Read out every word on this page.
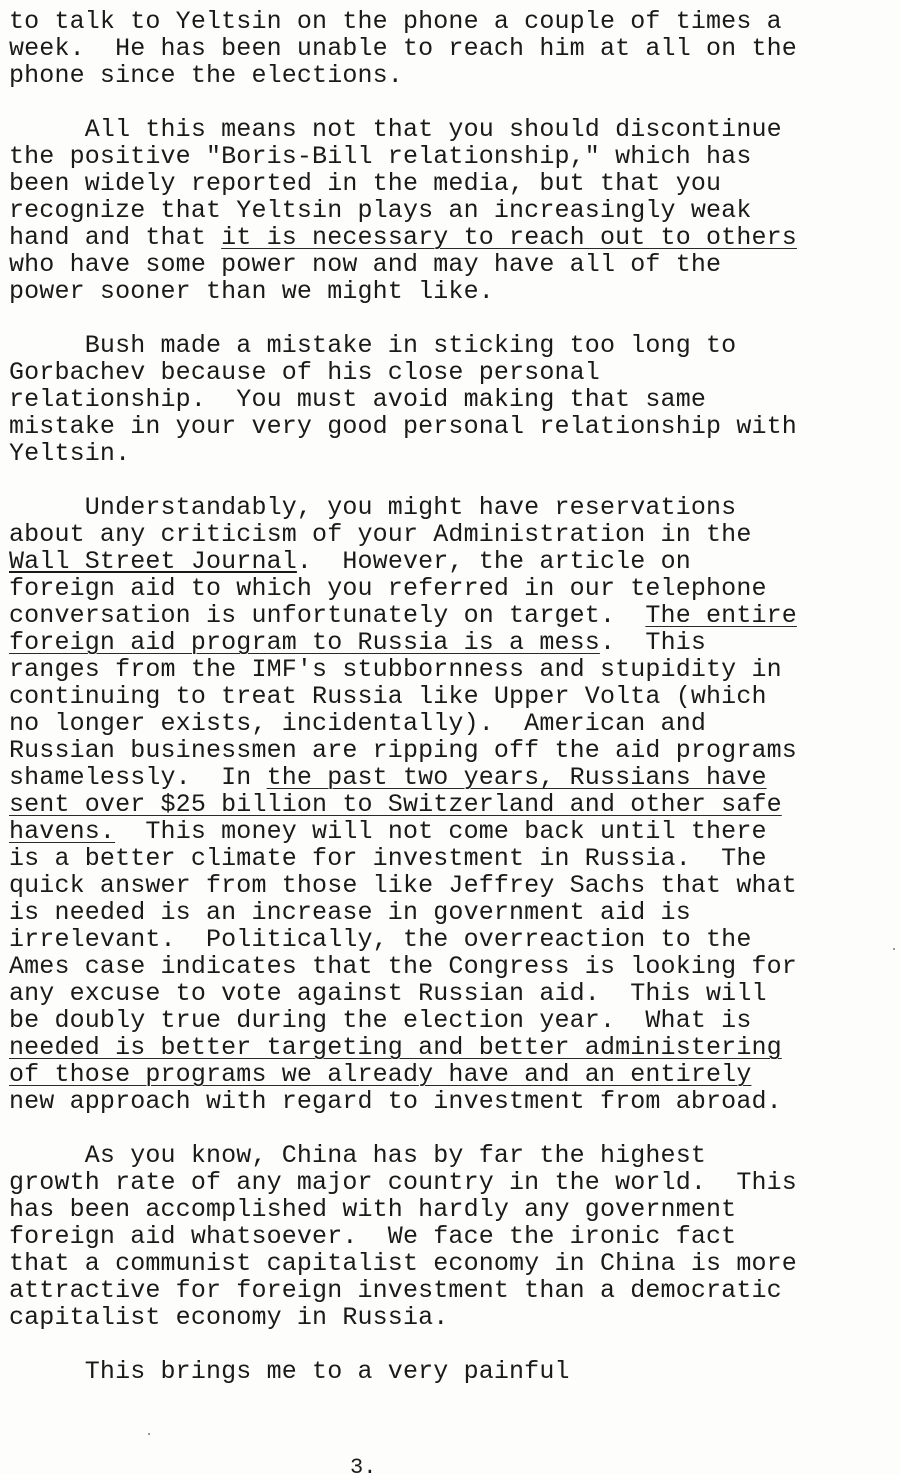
to talk to Yeltsin on the phone a couple of times a
week.  He has been unable to reach him at all on the
phone since the elections.
All this means not that you should discontinue
the positive "Boris-Bill relationship," which has
been widely reported in the media, but that you
recognize that Yeltsin plays an increasingly weak
hand and that it is necessary to reach out to others
who have some power now and may have all of the
power sooner than we might like.
Bush made a mistake in sticking too long to
Gorbachev because of his close personal
relationship.  You must avoid making that same
mistake in your very good personal relationship with
Yeltsin.
Understandably, you might have reservations
about any criticism of your Administration in the
Wall Street Journal.  However, the article on
foreign aid to which you referred in our telephone
conversation is unfortunately on target.  The entire
foreign aid program to Russia is a mess.  This
ranges from the IMF's stubbornness and stupidity in
continuing to treat Russia like Upper Volta (which
no longer exists, incidentally).  American and
Russian businessmen are ripping off the aid programs
shamelessly.  In the past two years, Russians have
sent over $25 billion to Switzerland and other safe
havens.  This money will not come back until there
is a better climate for investment in Russia.  The
quick answer from those like Jeffrey Sachs that what
is needed is an increase in government aid is
irrelevant.  Politically, the overreaction to the
Ames case indicates that the Congress is looking for
any excuse to vote against Russian aid.  This will
be doubly true during the election year.  What is
needed is better targeting and better administering
of those programs we already have and an entirely
new approach with regard to investment from abroad.
As you know, China has by far the highest
growth rate of any major country in the world.  This
has been accomplished with hardly any government
foreign aid whatsoever.  We face the ironic fact
that a communist capitalist economy in China is more
attractive for foreign investment than a democratic
capitalist economy in Russia.
This brings me to a very painful
3.
